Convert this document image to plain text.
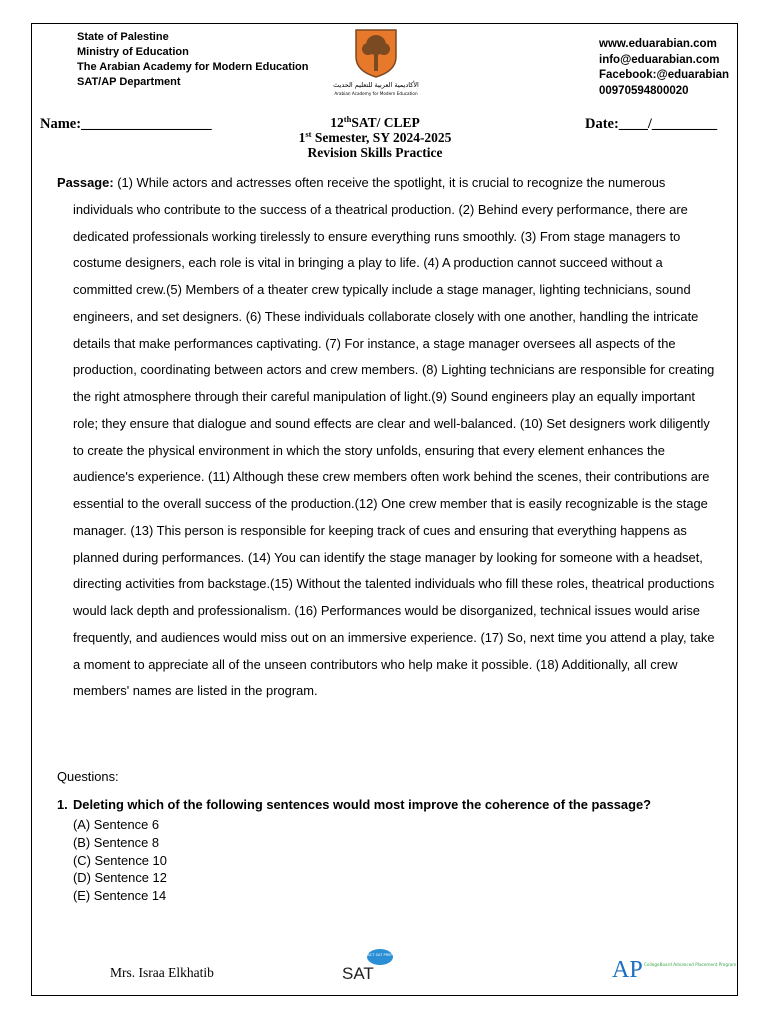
State of Palestine
Ministry of Education
The Arabian Academy for Modern Education
SAT/AP Department	الأكاديمية العربية للتعليم الحديث
Arabian Academy for Modern Education
www.eduarabian.com
info@eduarabian.com
Facebook:@eduarabian
00970594800020
Name:__________________	Date:____/_________
12thSAT/ CLEP
1st Semester, SY 2024-2025
Revision Skills Practice

Passage: (1) While actors and actresses often receive the spotlight, it is crucial to recognize the numerous individuals who contribute to the success of a theatrical production. (2) Behind every performance, there are dedicated professionals working tirelessly to ensure everything runs smoothly. (3) From stage managers to costume designers, each role is vital in bringing a play to life. (4) A production cannot succeed without a committed crew.(5) Members of a theater crew typically include a stage manager, lighting technicians, sound engineers, and set designers. (6) These individuals collaborate closely with one another, handling the intricate details that make performances captivating. (7) For instance, a stage manager oversees all aspects of the production, coordinating between actors and crew members. (8) Lighting technicians are responsible for creating the right atmosphere through their careful manipulation of light.(9) Sound engineers play an equally important role; they ensure that dialogue and sound effects are clear and well-balanced. (10) Set designers work diligently to create the physical environment in which the story unfolds, ensuring that every element enhances the audience's experience. (11) Although these crew members often work behind the scenes, their contributions are essential to the overall success of the production.(12) One crew member that is easily recognizable is the stage manager. (13) This person is responsible for keeping track of cues and ensuring that everything happens as planned during performances. (14) You can identify the stage manager by looking for someone with a headset, directing activities from backstage.(15) Without the talented individuals who fill these roles, theatrical productions would lack depth and professionalism. (16) Performances would be disorganized, technical issues would arise frequently, and audiences would miss out on an immersive experience. (17) So, next time you attend a play, take a moment to appreciate all of the unseen contributors who help make it possible. (18) Additionally, all crew members' names are listed in the program.

Questions:
1. Deleting which of the following sentences would most improve the coherence of the passage?
(A) Sentence 6
(B) Sentence 8
(C) Sentence 10
(D) Sentence 12
(E) Sentence 14
Mrs. Israa Elkhatib
ACT SAT PREP
SAT	AP CollegeBoard Advanced Placement Program
